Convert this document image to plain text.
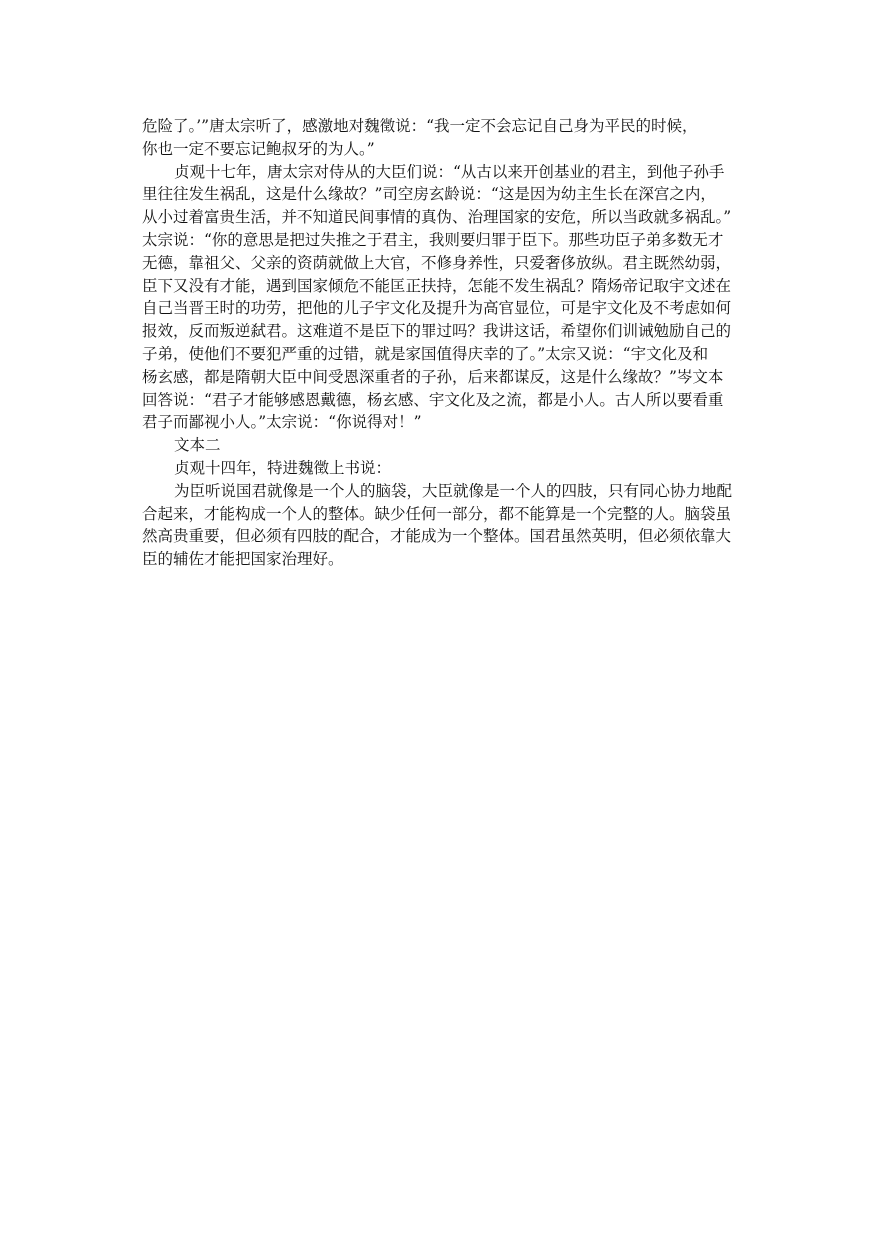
危险了。’”唐太宗听了，感激地对魏徵说：“我一定不会忘记自己身为平民的时候，
你也一定不要忘记鲍叔牙的为人。”
贞观十七年，唐太宗对侍从的大臣们说：“从古以来开创基业的君主，到他子孙手
里往往发生祸乱，这是什么缘故？”司空房玄龄说：“这是因为幼主生长在深宫之内，
从小过着富贵生活，并不知道民间事情的真伪、治理国家的安危，所以当政就多祸乱。”
太宗说：“你的意思是把过失推之于君主，我则要归罪于臣下。那些功臣子弟多数无才
无德，靠祖父、父亲的资荫就做上大官，不修身养性，只爱奢侈放纵。君主既然幼弱，
臣下又没有才能，遇到国家倾危不能匡正扶持，怎能不发生祸乱？隋炀帝记取宇文述在
自己当晋王时的功劳，把他的儿子宇文化及提升为高官显位，可是宇文化及不考虑如何
报效，反而叛逆弑君。这难道不是臣下的罪过吗？我讲这话，希望你们训诫勉励自己的
子弟，使他们不要犯严重的过错，就是家国值得庆幸的了。”太宗又说：“宇文化及和
杨玄感，都是隋朝大臣中间受恩深重者的子孙，后来都谋反，这是什么缘故？”岑文本
回答说：“君子才能够感恩戴德，杨玄感、宇文化及之流，都是小人。古人所以要看重
君子而鄙视小人。”太宗说：“你说得对！”
文本二
贞观十四年，特进魏徵上书说：
为臣听说国君就像是一个人的脑袋，大臣就像是一个人的四肢，只有同心协力地配
合起来，才能构成一个人的整体。缺少任何一部分，都不能算是一个完整的人。脑袋虽
然高贵重要，但必须有四肢的配合，才能成为一个整体。国君虽然英明，但必须依靠大
臣的辅佐才能把国家治理好。
